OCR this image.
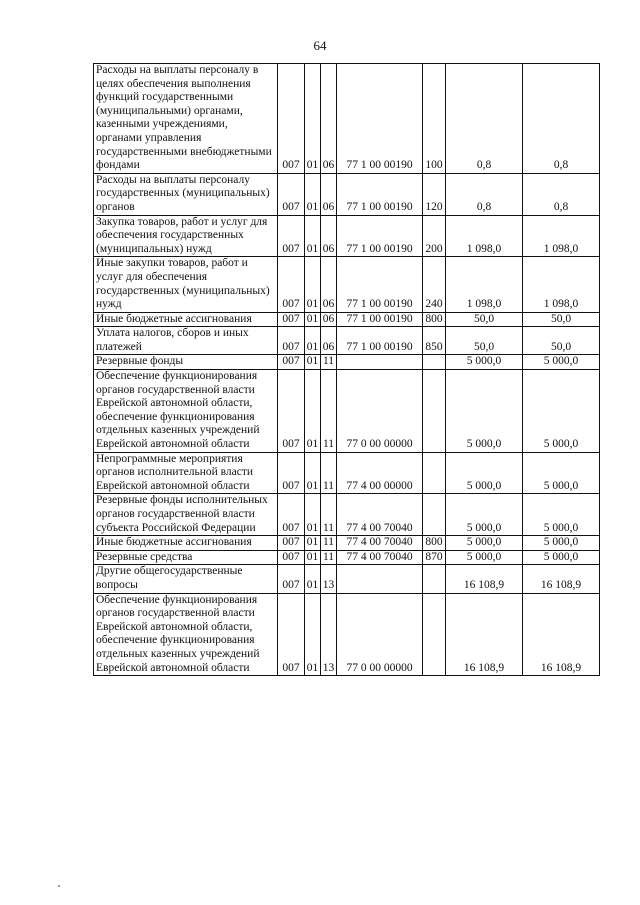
64
Расходы на выплаты персоналу в целях обеспечения выполнения функций государственными (муниципальными) органами, казенными учреждениями, органами управления государственными внебюджетными фондами	007	01	06	77 1 00 00190	100	0,8	0,8
Расходы на выплаты персоналу государственных (муниципальных) органов	007	01	06	77 1 00 00190	120	0,8	0,8
Закупка товаров, работ и услуг для обеспечения государственных (муниципальных) нужд	007	01	06	77 1 00 00190	200	1 098,0	1 098,0
Иные закупки товаров, работ и услуг для обеспечения государственных (муниципальных) нужд	007	01	06	77 1 00 00190	240	1 098,0	1 098,0
Иные бюджетные ассигнования	007	01	06	77 1 00 00190	800	50,0	50,0
Уплата налогов, сборов и иных платежей	007	01	06	77 1 00 00190	850	50,0	50,0
Резервные фонды	007	01	11			5 000,0	5 000,0
Обеспечение функционирования органов государственной власти Еврейской автономной области, обеспечение функционирования отдельных казенных учреждений Еврейской автономной области	007	01	11	77 0 00 00000		5 000,0	5 000,0
Непрограммные мероприятия органов исполнительной власти Еврейской автономной области	007	01	11	77 4 00 00000		5 000,0	5 000,0
Резервные фонды исполнительных органов государственной власти субъекта Российской Федерации	007	01	11	77 4 00 70040		5 000,0	5 000,0
Иные бюджетные ассигнования	007	01	11	77 4 00 70040	800	5 000,0	5 000,0
Резервные средства	007	01	11	77 4 00 70040	870	5 000,0	5 000,0
Другие общегосударственные вопросы	007	01	13			16 108,9	16 108,9
Обеспечение функционирования органов государственной власти Еврейской автономной области, обеспечение функционирования отдельных казенных учреждений Еврейской автономной области	007	01	13	77 0 00 00000		16 108,9	16 108,9
